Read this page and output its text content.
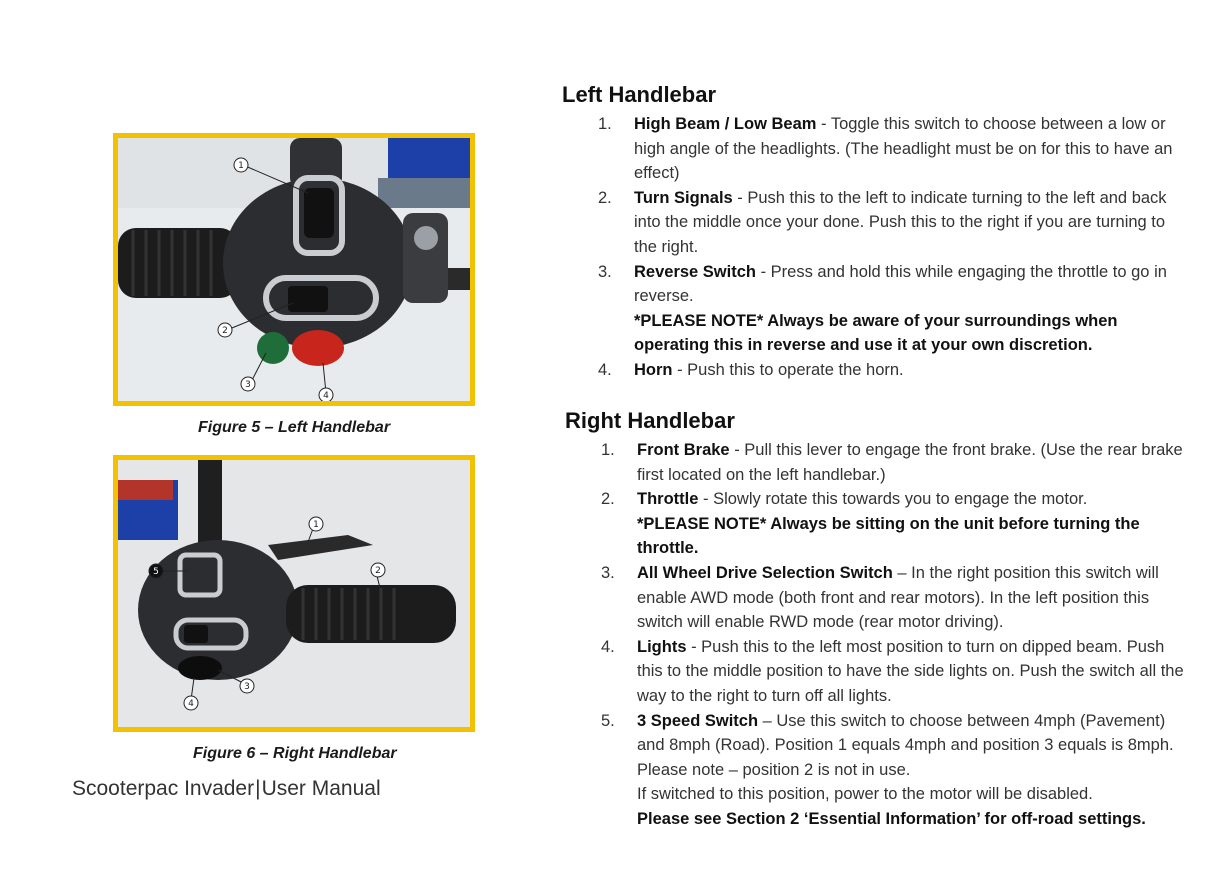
1
2
3
4
Figure 5 – Left Handlebar
1
2
3
4
5
Figure 6 – Right Handlebar
Scooterpac Invader|User Manual
Left Handlebar
1. High Beam / Low Beam - Toggle this switch to choose between a low or high angle of the headlights. (The headlight must be on for this to have an effect)
2. Turn Signals - Push this to the left to indicate turning to the left and back into the middle once your done. Push this to the right if you are turning to the right.
3. Reverse Switch - Press and hold this while engaging the throttle to go in reverse.
*PLEASE NOTE* Always be aware of your surroundings when operating this in reverse and use it at your own discretion.
4. Horn - Push this to operate the horn.
Right Handlebar
1. Front Brake - Pull this lever to engage the front brake. (Use the rear brake first located on the left handlebar.)
2. Throttle - Slowly rotate this towards you to engage the motor.
*PLEASE NOTE* Always be sitting on the unit before turning the throttle.
3. All Wheel Drive Selection Switch – In the right position this switch will enable AWD mode (both front and rear motors). In the left position this switch will enable RWD mode (rear motor driving).
4. Lights - Push this to the left most position to turn on dipped beam. Push this to the middle position to have the side lights on. Push the switch all the way to the right to turn off all lights.
5. 3 Speed Switch – Use this switch to choose between 4mph (Pavement) and 8mph (Road). Position 1 equals 4mph and position 3 equals is 8mph. Please note – position 2 is not in use.
If switched to this position, power to the motor will be disabled.
Please see Section 2 ‘Essential Information’ for off-road settings.
